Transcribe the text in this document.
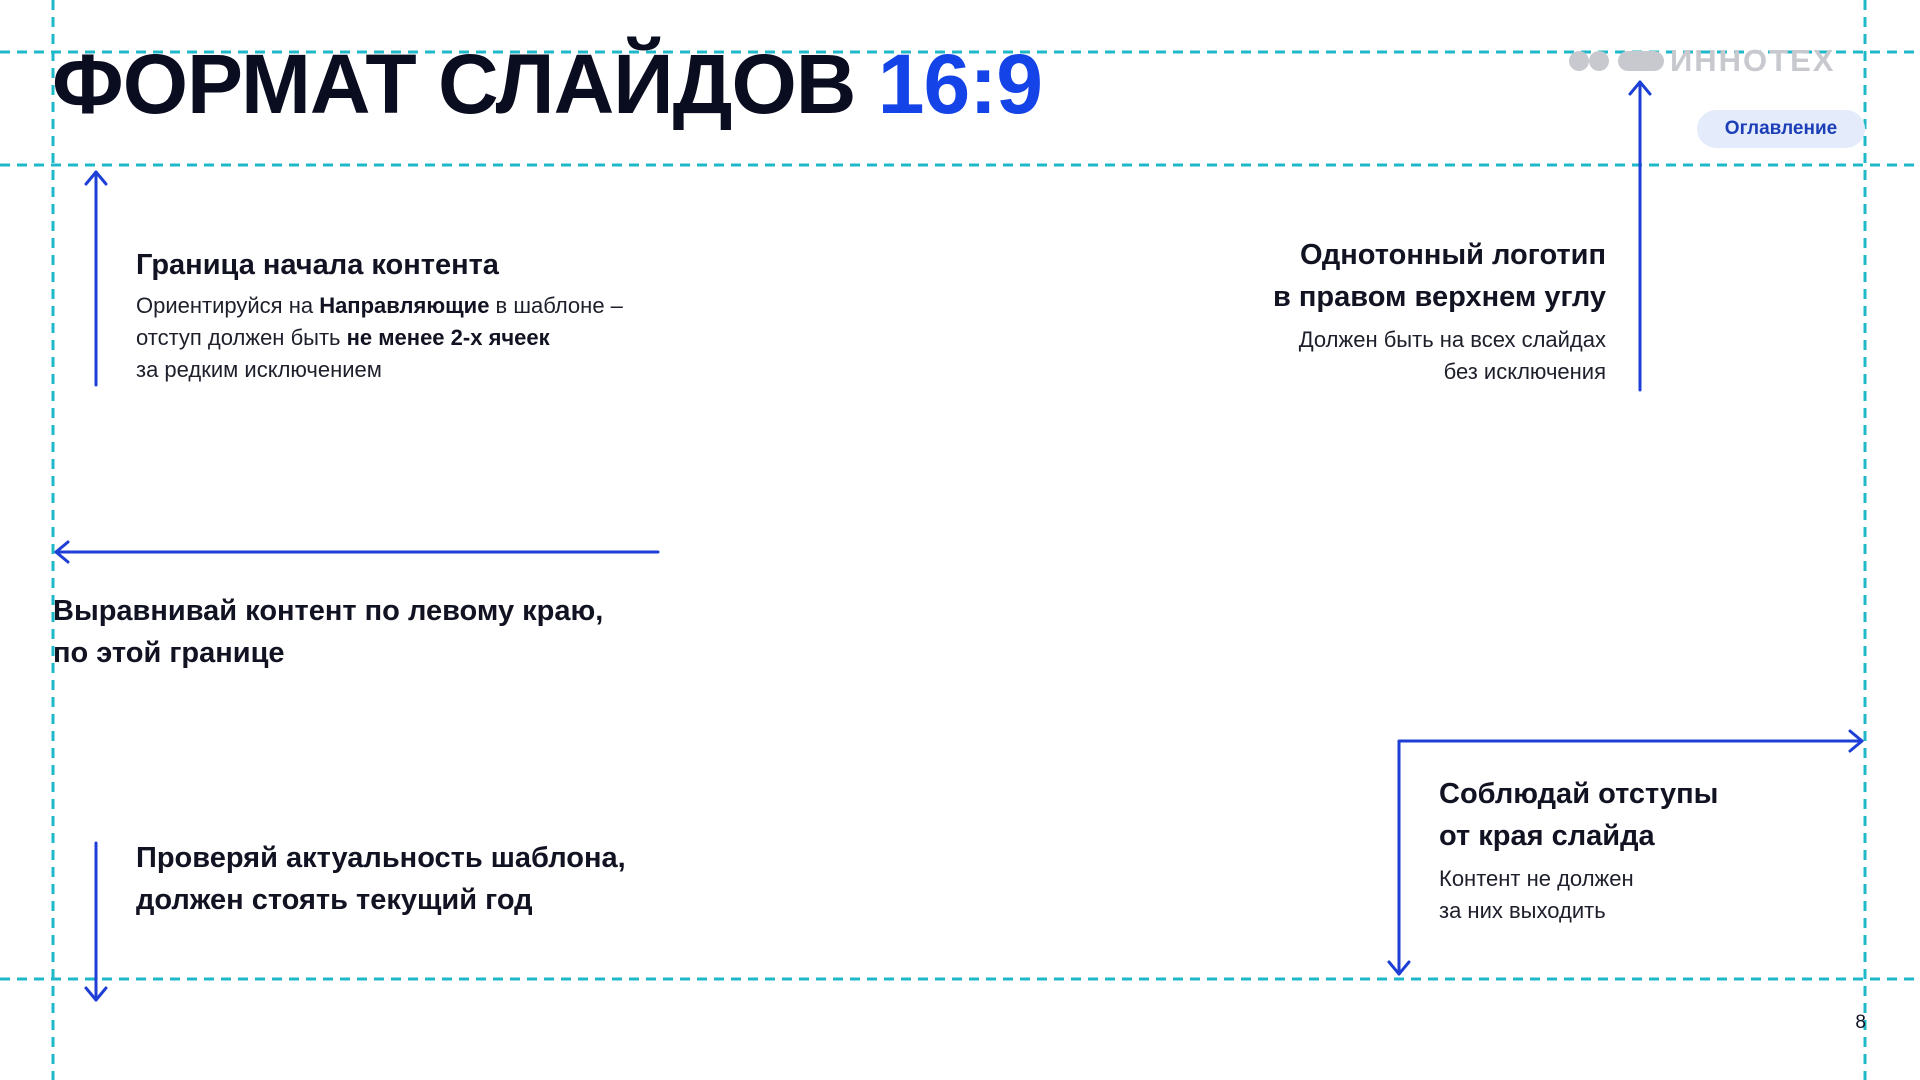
ФОРМАТ СЛАЙДОВ 16:9	ИННОТЕХ
Оглавление

Граница начала контента

Ориентируйся на Направляющие в шаблоне –
отступ должен быть не менее 2-х ячеек
за редким исключением

Однотонный логотип
в правом верхнем углу

Должен быть на всех слайдах
без исключения

Выравнивай контент по левому краю,
по этой границе

Соблюдай отступы
от края слайда

Контент не должен
за них выходить

Проверяй актуальность шаблона,
должен стоять текущий год

8
